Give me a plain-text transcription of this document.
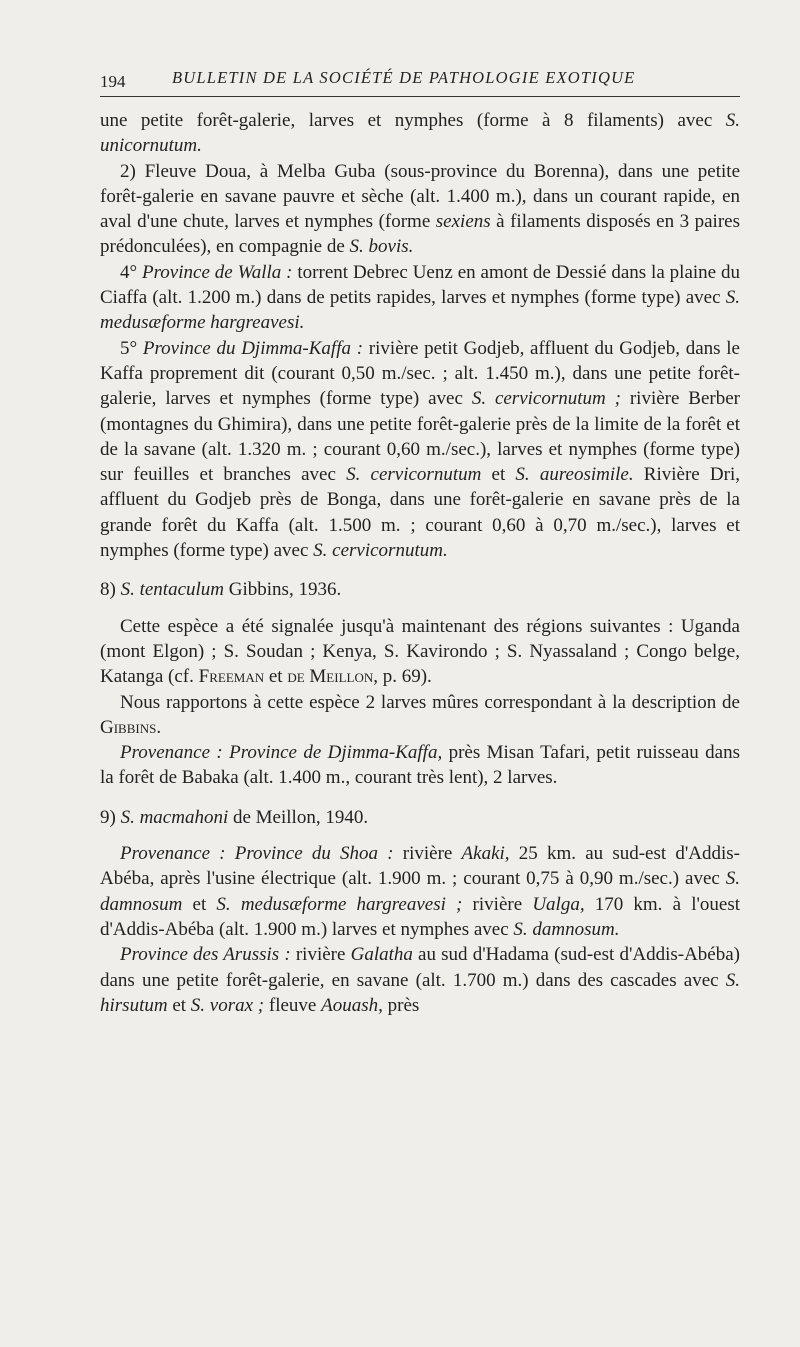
194	BULLETIN DE LA SOCIÉTÉ DE PATHOLOGIE EXOTIQUE

une petite forêt-galerie, larves et nymphes (forme à 8 filaments) avec S. unicornutum.

2) Fleuve Doua, à Melba Guba (sous-province du Borenna), dans une petite forêt-galerie en savane pauvre et sèche (alt. 1.400 m.), dans un courant rapide, en aval d'une chute, larves et nymphes (forme sexiens à filaments disposés en 3 paires prédonculées), en compagnie de S. bovis.

4° Province de Walla : torrent Debrec Uenz en amont de Dessié dans la plaine du Ciaffa (alt. 1.200 m.) dans de petits rapides, larves et nymphes (forme type) avec S. medusæforme hargreavesi.

5° Province du Djimma-Kaffa : rivière petit Godjeb, affluent du Godjeb, dans le Kaffa proprement dit (courant 0,50 m./sec. ; alt. 1.450 m.), dans une petite forêt-galerie, larves et nymphes (forme type) avec S. cervicornutum ; rivière Berber (montagnes du Ghimira), dans une petite forêt-galerie près de la limite de la forêt et de la savane (alt. 1.320 m. ; courant 0,60 m./sec.), larves et nymphes (forme type) sur feuilles et branches avec S. cervicornutum et S. aureosimile. Rivière Dri, affluent du Godjeb près de Bonga, dans une forêt-galerie en savane près de la grande forêt du Kaffa (alt. 1.500 m. ; courant 0,60 à 0,70 m./sec.), larves et nymphes (forme type) avec S. cervicornutum.

8) S. tentaculum Gibbins, 1936.

Cette espèce a été signalée jusqu'à maintenant des régions suivantes : Uganda (mont Elgon) ; S. Soudan ; Kenya, S. Kavirondo ; S. Nyassaland ; Congo belge, Katanga (cf. Freeman et de Meillon, p. 69).

Nous rapportons à cette espèce 2 larves mûres correspondant à la description de Gibbins.

Provenance : Province de Djimma-Kaffa, près Misan Tafari, petit ruisseau dans la forêt de Babaka (alt. 1.400 m., courant très lent), 2 larves.

9) S. macmahoni de Meillon, 1940.

Provenance : Province du Shoa : rivière Akaki, 25 km. au sud-est d'Addis-Abéba, après l'usine électrique (alt. 1.900 m. ; courant 0,75 à 0,90 m./sec.) avec S. damnosum et S. medusæforme hargreavesi ; rivière Ualga, 170 km. à l'ouest d'Addis-Abéba (alt. 1.900 m.) larves et nymphes avec S. damnosum.

Province des Arussis : rivière Galatha au sud d'Hadama (sud-est d'Addis-Abéba) dans une petite forêt-galerie, en savane (alt. 1.700 m.) dans des cascades avec S. hirsutum et S. vorax ; fleuve Aouash, près
